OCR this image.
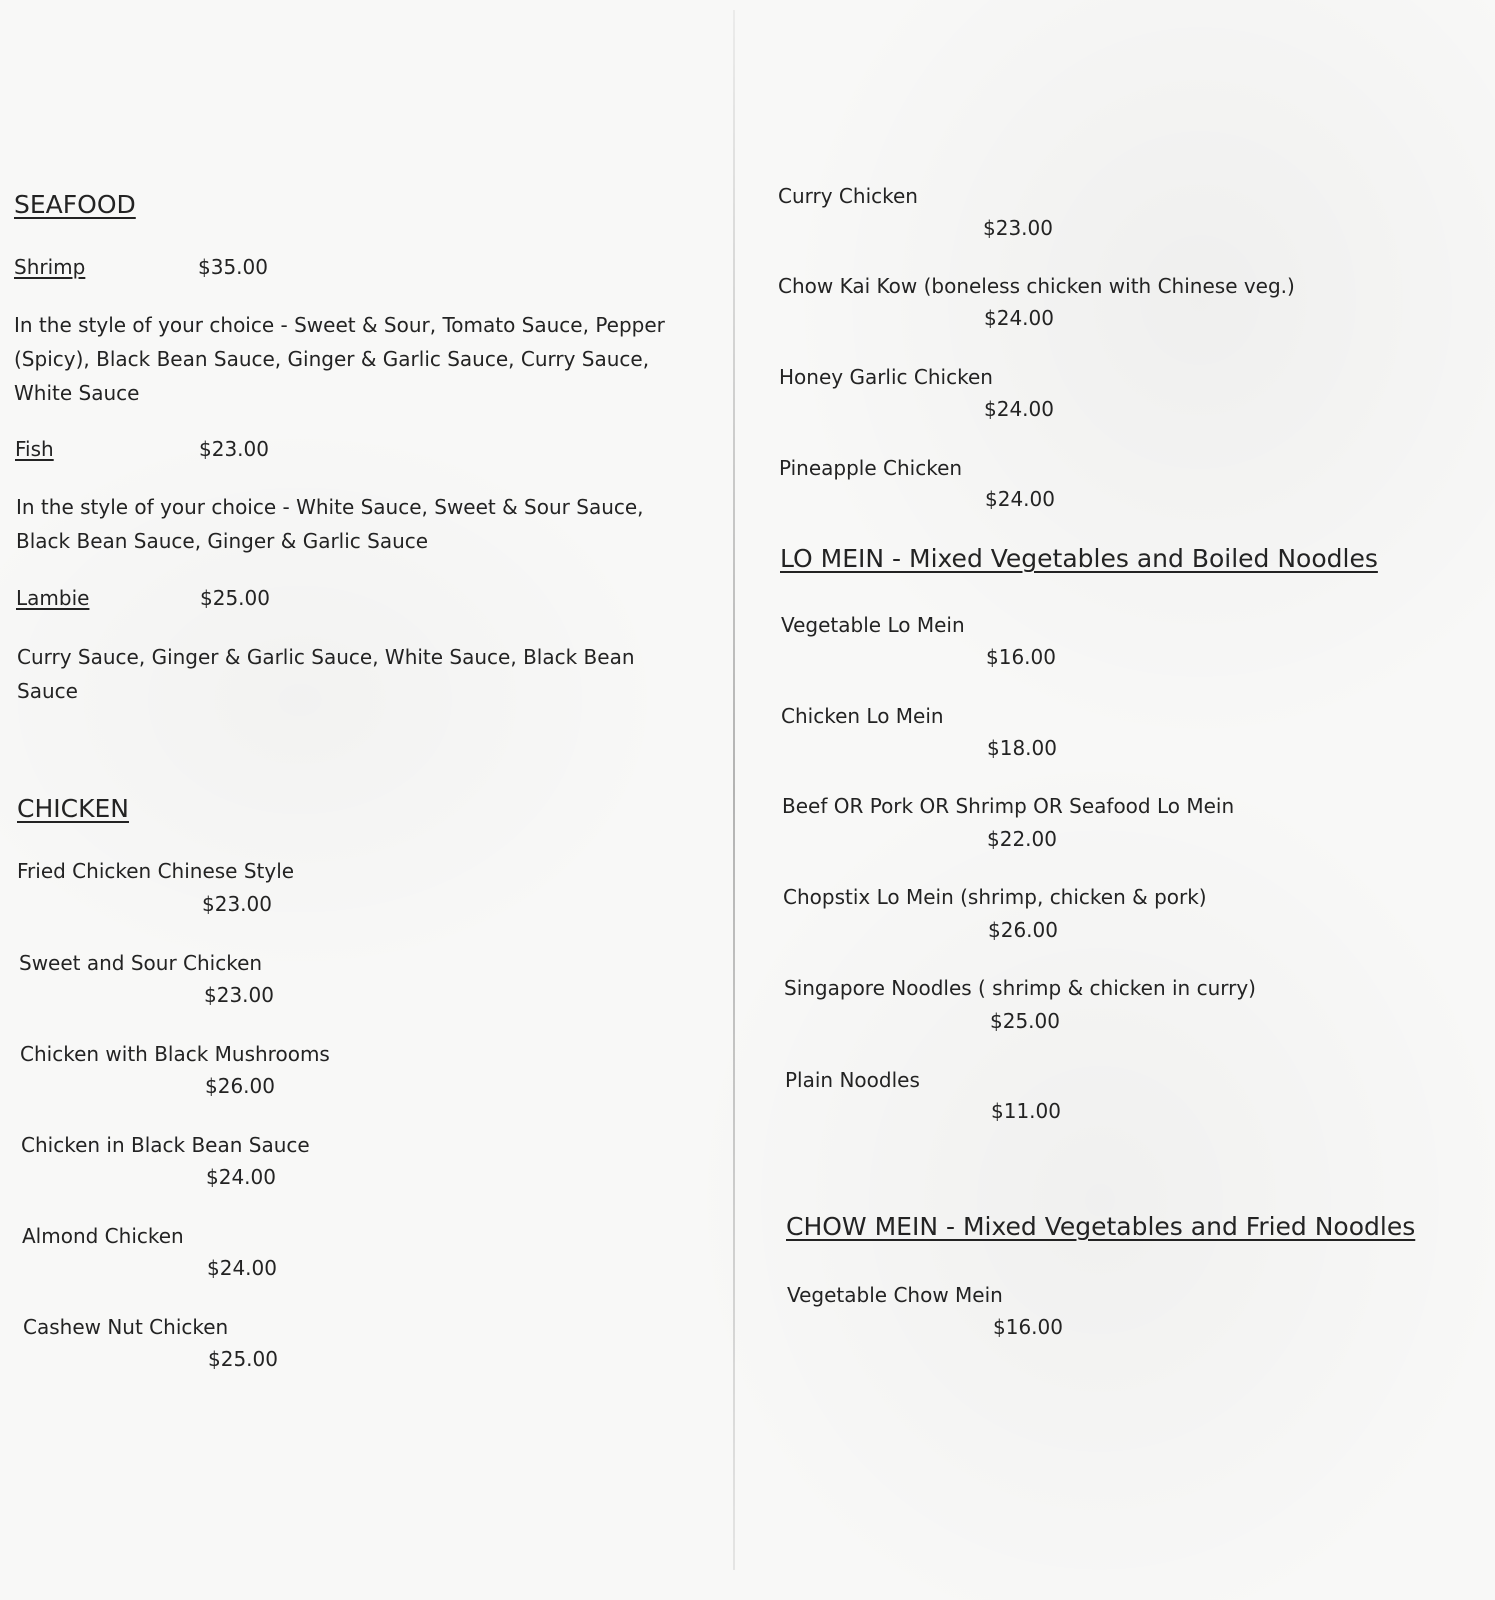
SEAFOOD
Shrimp	$35.00
In the style of your choice - Sweet & Sour, Tomato Sauce, Pepper (Spicy), Black Bean Sauce, Ginger & Garlic Sauce, Curry Sauce, White Sauce
Fish	$23.00
In the style of your choice - White Sauce, Sweet & Sour Sauce, Black Bean Sauce, Ginger & Garlic Sauce
Lambie	$25.00
Curry Sauce, Ginger & Garlic Sauce, White Sauce, Black Bean Sauce
CHICKEN
Fried Chicken Chinese Style
$23.00
Sweet and Sour Chicken
$23.00
Chicken with Black Mushrooms
$26.00
Chicken in Black Bean Sauce
$24.00
Almond Chicken
$24.00
Cashew Nut Chicken
$25.00
Curry Chicken
$23.00
Chow Kai Kow (boneless chicken with Chinese veg.)
$24.00
Honey Garlic Chicken
$24.00
Pineapple Chicken
$24.00
LO MEIN - Mixed Vegetables and Boiled Noodles
Vegetable Lo Mein
$16.00
Chicken Lo Mein
$18.00
Beef OR Pork OR Shrimp OR Seafood Lo Mein
$22.00
Chopstix Lo Mein (shrimp, chicken & pork)
$26.00
Singapore Noodles ( shrimp & chicken in curry)
$25.00
Plain Noodles
$11.00
CHOW MEIN - Mixed Vegetables and Fried Noodles
Vegetable Chow Mein
$16.00
